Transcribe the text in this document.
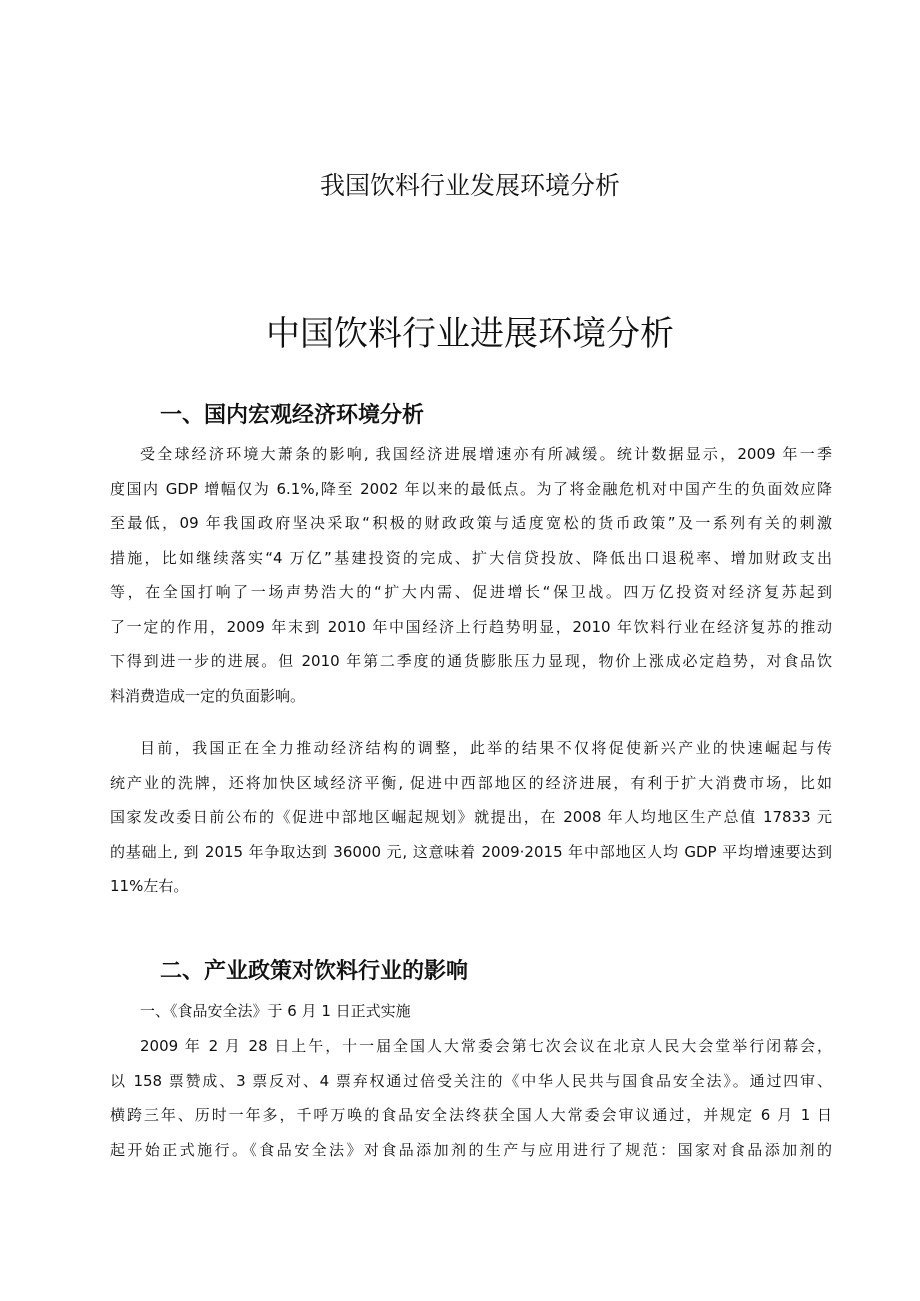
我国饮料行业发展环境分析
中国饮料行业进展环境分析
一、国内宏观经济环境分析

受全球经济环境大萧条的影响, 我国经济进展增速亦有所减缓。统计数据显示，2009 年一季
度国内 GDP 增幅仅为 6.1%,降至 2002 年以来的最低点。为了将金融危机对中国产生的负面效应降
至最低，09 年我国政府坚决采取“积极的财政政策与适度宽松的货币政策”及一系列有关的刺激
措施，比如继续落实“4 万亿”基建投资的完成、扩大信贷投放、降低出口退税率、增加财政支出
等，在全国打响了一场声势浩大的“扩大内需、促进增长“保卫战。四万亿投资对经济复苏起到
了一定的作用，2009 年末到 2010 年中国经济上行趋势明显，2010 年饮料行业在经济复苏的推动
下得到进一步的进展。但 2010 年第二季度的通货膨胀压力显现，物价上涨成必定趋势，对食品饮
料消费造成一定的负面影响。

目前，我国正在全力推动经济结构的调整，此举的结果不仅将促使新兴产业的快速崛起与传
统产业的洗牌，还将加快区域经济平衡, 促进中西部地区的经济进展，有利于扩大消费市场，比如
国家发改委日前公布的《促进中部地区崛起规划》就提出，在 2008 年人均地区生产总值 17833 元
的基础上, 到 2015 年争取达到 36000 元, 这意味着 2009·2015 年中部地区人均 GDP 平均增速要达到
11%左右。

二、产业政策对饮料行业的影响

一、《食品安全法》于 6 月 1 日正式实施

2009 年 2 月 28 日上午，十一届全国人大常委会第七次会议在北京人民大会堂举行闭幕会，
以 158 票赞成、3 票反对、4 票弃权通过倍受关注的《中华人民共与国食品安全法》。通过四审、
横跨三年、历时一年多，千呼万唤的食品安全法终获全国人大常委会审议通过，并规定 6 月 1 日
起开始正式施行。《食品安全法》对食品添加剂的生产与应用进行了规范：国家对食品添加剂的
